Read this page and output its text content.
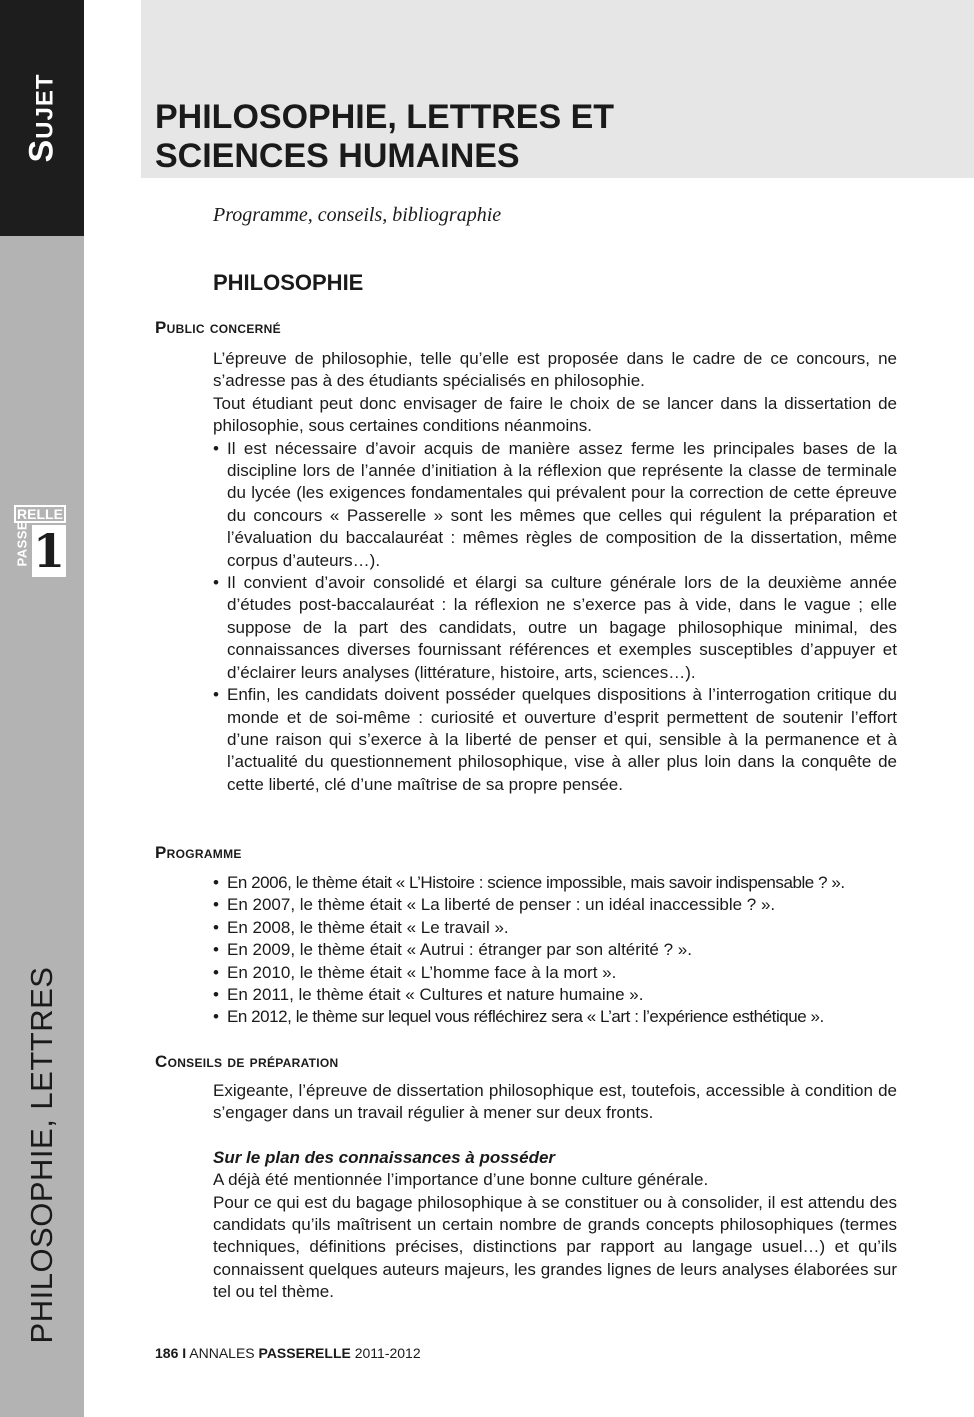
Sujet
PHILOSOPHIE, LETTRES
RELLE
PASSE 1
PHILOSOPHIE, LETTRES ET
SCIENCES HUMAINES
Programme, conseils, bibliographie
PHILOSOPHIE
Public concerné

L’épreuve de philosophie, telle qu’elle est proposée dans le cadre de ce concours, ne s’adresse pas à des étudiants spécialisés en philosophie.

Tout étudiant peut donc envisager de faire le choix de se lancer dans la dissertation de philosophie, sous certaines conditions néanmoins.

• Il est nécessaire d’avoir acquis de manière assez ferme les principales bases de la discipline lors de l’année d’initiation à la réflexion que représente la classe de terminale du lycée (les exigences fondamentales qui prévalent pour la correction de cette épreuve du concours « Passerelle » sont les mêmes que celles qui régulent la préparation et l’évaluation du baccalauréat : mêmes règles de composition de la dissertation, même corpus d’auteurs…).
• Il convient d’avoir consolidé et élargi sa culture générale lors de la deuxième année d’études post-baccalauréat : la réflexion ne s’exerce pas à vide, dans le vague ; elle suppose de la part des candidats, outre un bagage philosophique minimal, des connaissances diverses fournissant références et exemples susceptibles d’appuyer et d’éclairer leurs analyses (littérature, histoire, arts, sciences…).
• Enfin, les candidats doivent posséder quelques dispositions à l’interrogation critique du monde et de soi-même : curiosité et ouverture d’esprit permettent de soutenir l’effort d’une raison qui s’exerce à la liberté de penser et qui, sensible à la permanence et à l’actualité du questionnement philosophique, vise à aller plus loin dans la conquête de cette liberté, clé d’une maîtrise de sa propre pensée.
Programme
• En 2006, le thème était « L’Histoire : science impossible, mais savoir indispensable ? ».
• En 2007, le thème était « La liberté de penser : un idéal inaccessible ? ».
• En 2008, le thème était « Le travail ».
• En 2009, le thème était « Autrui : étranger par son altérité ? ».
• En 2010, le thème était « L’homme face à la mort ».
• En 2011, le thème était « Cultures et nature humaine ».
• En 2012, le thème sur lequel vous réfléchirez sera « L’art : l’expérience esthétique ».
Conseils de préparation

Exigeante, l’épreuve de dissertation philosophique est, toutefois, accessible à condition de s’engager dans un travail régulier à mener sur deux fronts.

Sur le plan des connaissances à posséder

A déjà été mentionnée l’importance d’une bonne culture générale.

Pour ce qui est du bagage philosophique à se constituer ou à consolider, il est attendu des candidats qu’ils maîtrisent un certain nombre de grands concepts philosophiques (termes techniques, définitions précises, distinctions par rapport au langage usuel…) et qu’ils connaissent quelques auteurs majeurs, les grandes lignes de leurs analyses élaborées sur tel ou tel thème.

186 I ANNALES PASSERELLE 2011-2012
